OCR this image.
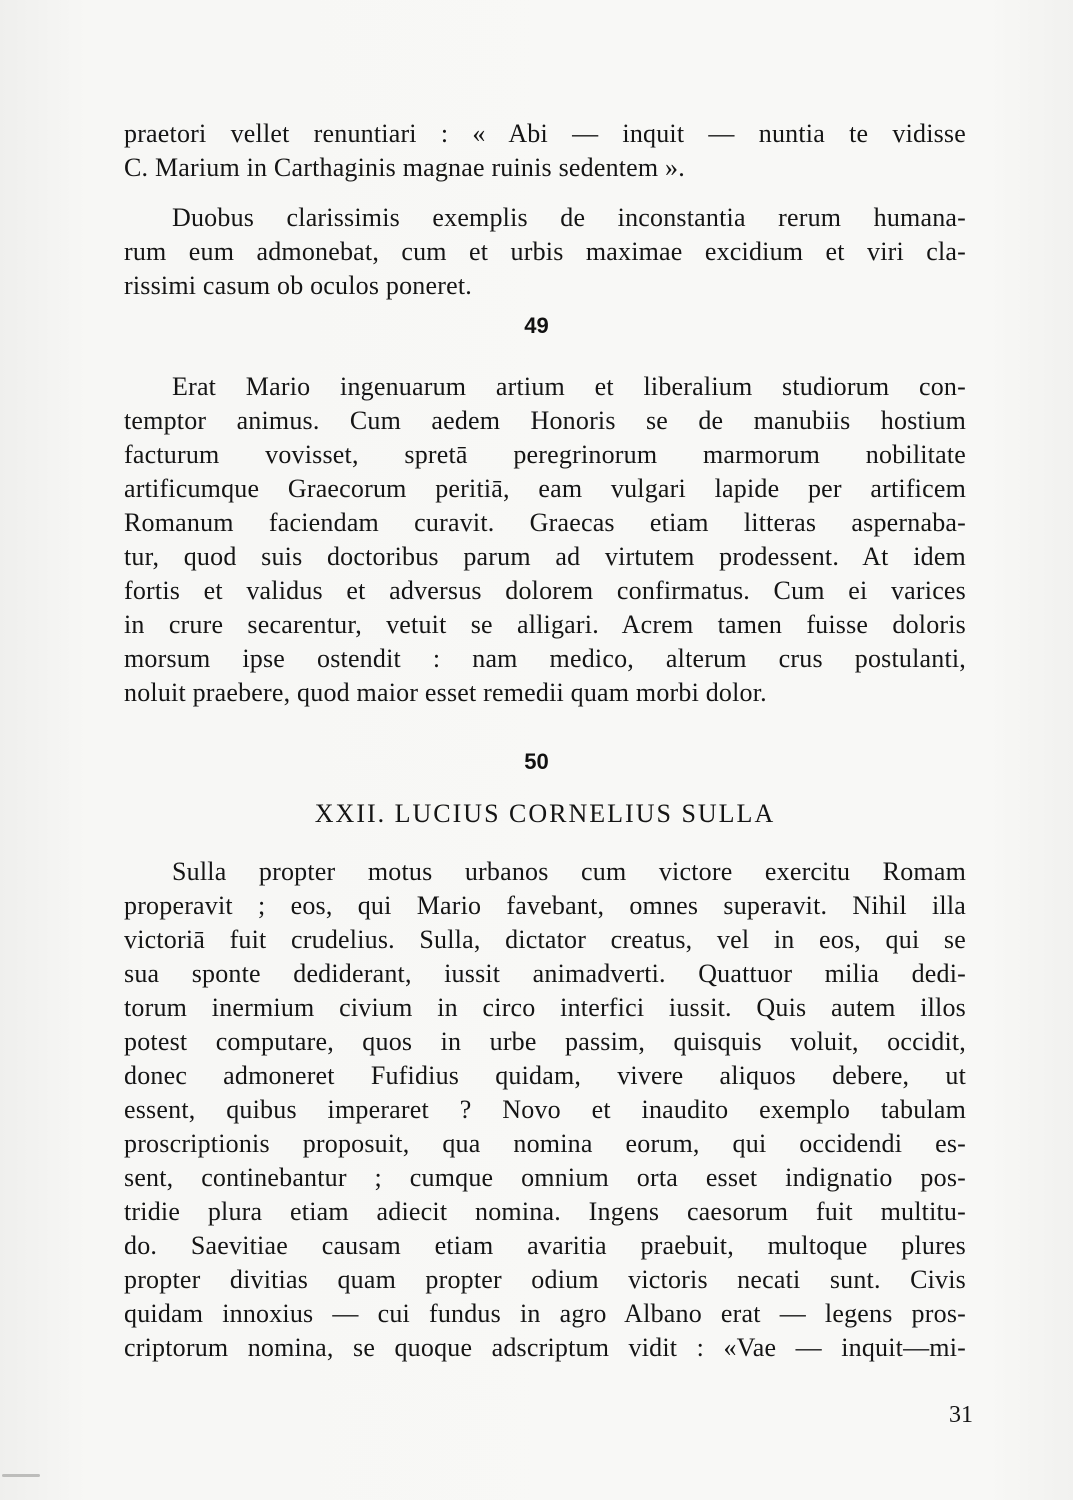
praetori vellet renuntiari : « Abi — inquit — nuntia te vidisse
C. Marium in Carthaginis magnae ruinis sedentem ».
Duobus clarissimis exemplis de inconstantia rerum humana-
rum eum admonebat, cum et urbis maximae excidium et viri cla-
rissimi casum ob oculos poneret.
49
Erat Mario ingenuarum artium et liberalium studiorum con-
temptor animus. Cum aedem Honoris se de manubiis hostium
facturum vovisset, spretā peregrinorum marmorum nobilitate
artificumque Graecorum peritiā, eam vulgari lapide per artificem
Romanum faciendam curavit. Graecas etiam litteras aspernaba-
tur, quod suis doctoribus parum ad virtutem prodessent. At idem
fortis et validus et adversus dolorem confirmatus. Cum ei varices
in crure secarentur, vetuit se alligari. Acrem tamen fuisse doloris
morsum ipse ostendit : nam medico, alterum crus postulanti,
noluit praebere, quod maior esset remedii quam morbi dolor.
50
XXII. LUCIUS CORNELIUS SULLA
Sulla propter motus urbanos cum victore exercitu Romam
properavit ; eos, qui Mario favebant, omnes superavit. Nihil illa
victoriā fuit crudelius. Sulla, dictator creatus, vel in eos, qui se
sua sponte dediderant, iussit animadverti. Quattuor milia dedi-
torum inermium civium in circo interfici iussit. Quis autem illos
potest computare, quos in urbe passim, quisquis voluit, occidit,
donec admoneret Fufidius quidam, vivere aliquos debere, ut
essent, quibus imperaret ? Novo et inaudito exemplo tabulam
proscriptionis proposuit, qua nomina eorum, qui occidendi es-
sent, continebantur ; cumque omnium orta esset indignatio pos-
tridie plura etiam adiecit nomina. Ingens caesorum fuit multitu-
do. Saevitiae causam etiam avaritia praebuit, multoque plures
propter divitias quam propter odium victoris necati sunt. Civis
quidam innoxius — cui fundus in agro Albano erat — legens pros-
criptorum nomina, se quoque adscriptum vidit : «Vae — inquit—mi-
31
